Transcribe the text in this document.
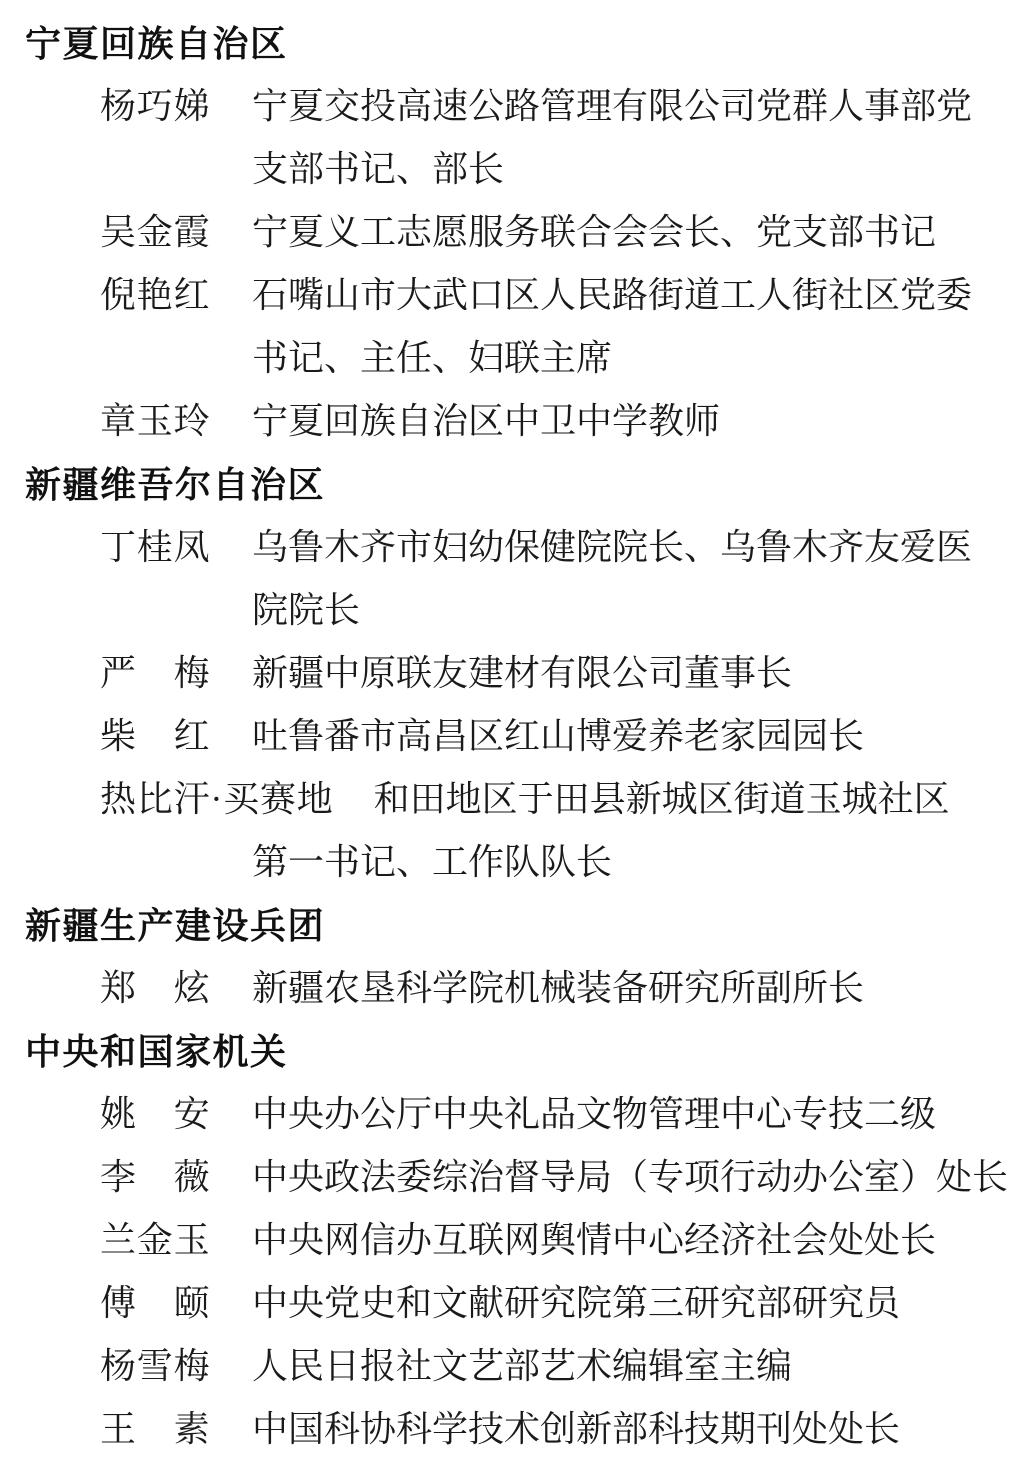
宁夏回族自治区
杨巧娣 宁夏交投高速公路管理有限公司党群人事部党
支部书记、部长
吴金霞 宁夏义工志愿服务联合会会长、党支部书记
倪艳红 石嘴山市大武口区人民路街道工人街社区党委
书记、主任、妇联主席
章玉玲 宁夏回族自治区中卫中学教师
新疆维吾尔自治区
丁桂凤 乌鲁木齐市妇幼保健院院长、乌鲁木齐友爱医
院院长
严　梅 新疆中原联友建材有限公司董事长
柴　红 吐鲁番市高昌区红山博爱养老家园园长
热比汗·买赛地 和田地区于田县新城区街道玉城社区
第一书记、工作队队长
新疆生产建设兵团
郑　炫 新疆农垦科学院机械装备研究所副所长
中央和国家机关
姚　安 中央办公厅中央礼品文物管理中心专技二级
李　薇 中央政法委综治督导局（专项行动办公室）处长
兰金玉 中央网信办互联网舆情中心经济社会处处长
傅　颐 中央党史和文献研究院第三研究部研究员
杨雪梅 人民日报社文艺部艺术编辑室主编
王　素 中国科协科学技术创新部科技期刊处处长
